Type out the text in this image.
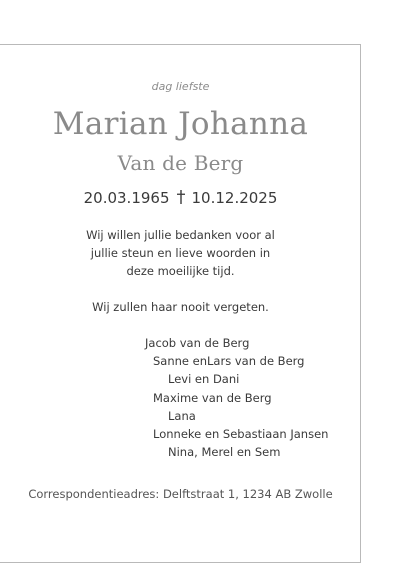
dag liefste
Marian Johanna
Van de Berg
20.03.1965 10.12.2025
Wij willen jullie bedanken voor al
jullie steun en lieve woorden in
deze moeilijke tijd.
Wij zullen haar nooit vergeten.
Jacob van de Berg
Sanne enLars van de Berg
Levi en Dani
Maxime van de Berg
Lana
Lonneke en Sebastiaan Jansen
Nina, Merel en Sem
Correspondentieadres: Delftstraat 1, 1234 AB Zwolle
